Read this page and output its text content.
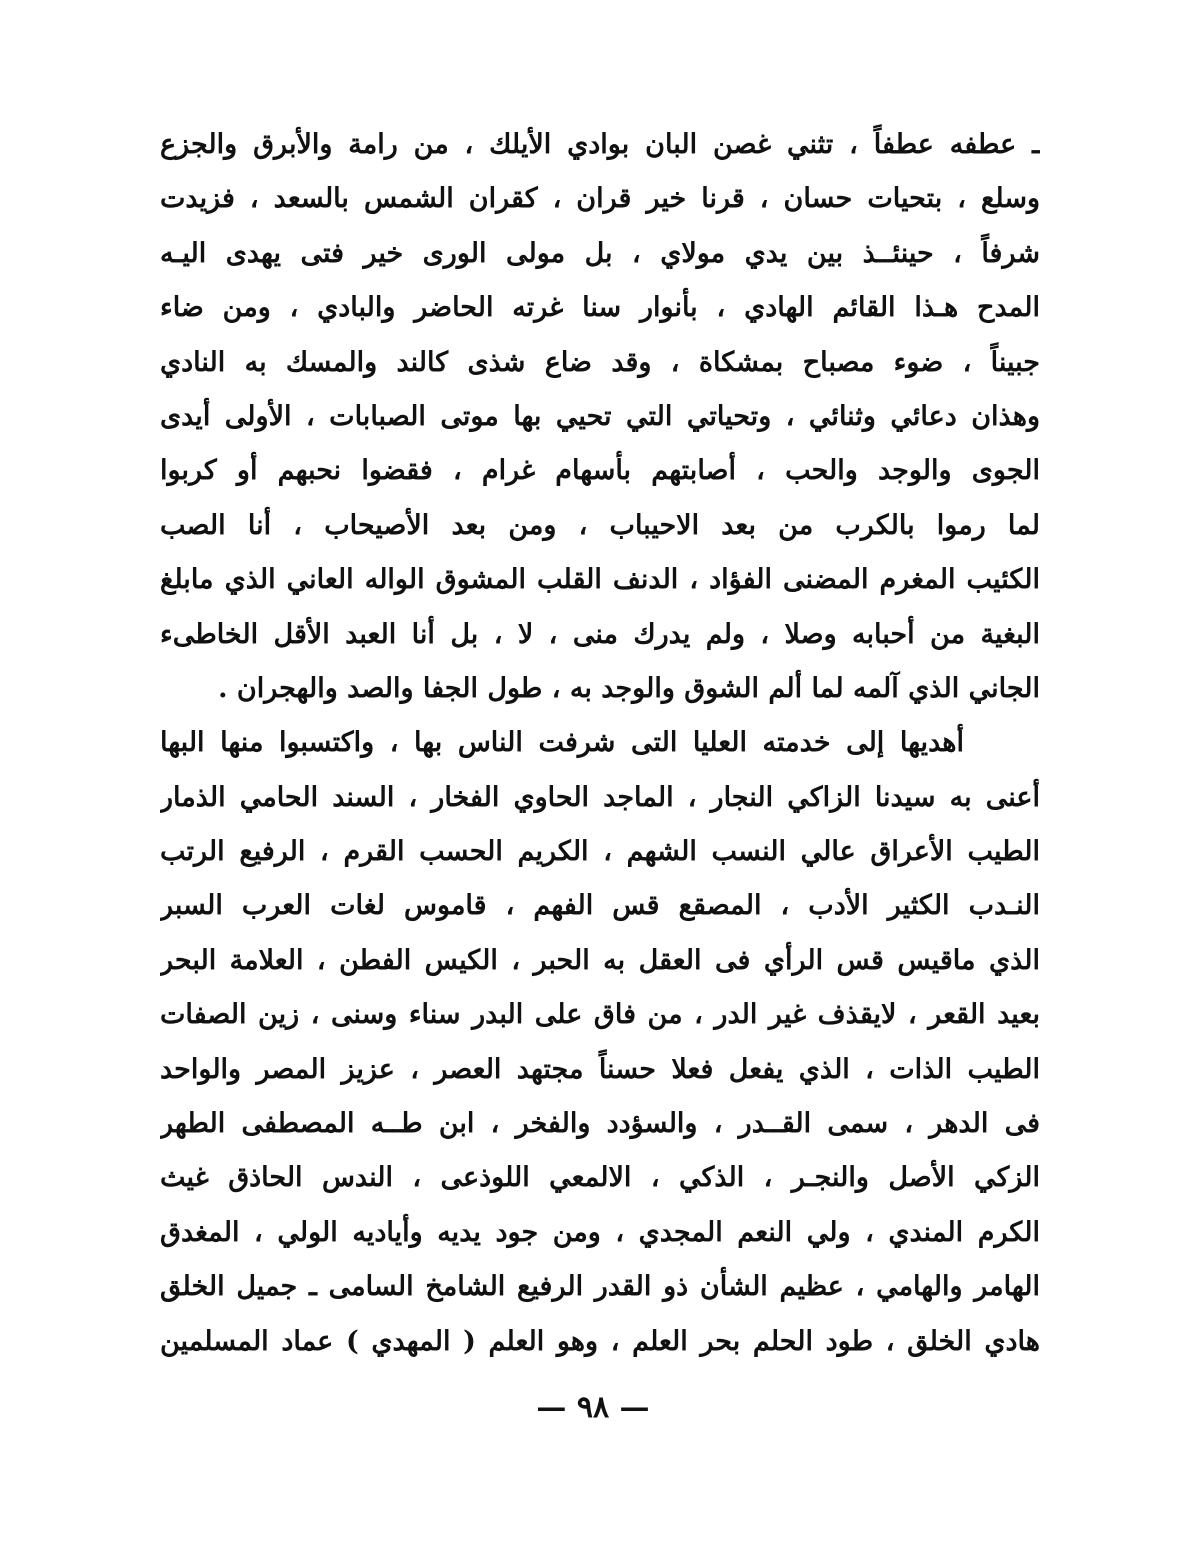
ـ عطفه عطفاً ، تثني غصن البان بوادي الأيلك ، من رامة والأبرق والجزع
وسلع ، بتحيات حسان ، قرنا خير قران ، كقران الشمس بالسعد ، فزيدت
شرفاً ، حينئــذ بين يدي مولاي ، بل مولى الورى خير فتى يهدى اليـه
المدح هـذا القائم الهادي ، بأنوار سنا غرته الحاضر والبادي ، ومن ضاء
جبيناً ، ضوء مصباح بمشكاة ، وقد ضاع شذى كالند والمسك به النادي
وهذان دعائي وثنائي ، وتحياتي التي تحيي بها موتى الصبابات ، الأولى أيدى
الجوى والوجد والحب ، أصابتهم بأسهام غرام ، فقضوا نحبهم أو كربوا
لما رموا بالكرب من بعد الاحيباب ، ومن بعد الأصيحاب ، أنا الصب
الكئيب المغرم المضنى الفؤاد ، الدنف القلب المشوق الواله العاني الذي مابلغ
البغية من أحبابه وصلا ، ولم يدرك منى ، لا ، بل أنا العبد الأقل الخاطىء
الجاني الذي آلمه لما ألم الشوق والوجد به ، طول الجفا والصد والهجران .
أهديها إلى خدمته العليا التى شرفت الناس بها ، واكتسبوا منها البها
أعنى به سيدنا الزاكي النجار ، الماجد الحاوي الفخار ، السند الحامي الذمار
الطيب الأعراق عالي النسب الشهم ، الكريم الحسب القرم ، الرفيع الرتب
النـدب الكثير الأدب ، المصقع قس الفهم ، قاموس لغات العرب السبر
الذي ماقيس قس الرأي فى العقل به الحبر ، الكيس الفطن ، العلامة البحر
بعيد القعر ، لايقذف غير الدر ، من فاق على البدر سناء وسنى ، زين الصفات
الطيب الذات ، الذي يفعل فعلا حسناً مجتهد العصر ، عزيز المصر والواحد
فى الدهر ، سمى القــدر ، والسؤدد والفخر ، ابن طــه المصطفى الطهر
الزكي الأصل والنجـر ، الذكي ، الالمعي اللوذعى ، الندس الحاذق غيث
الكرم المندي ، ولي النعم المجدي ، ومن جود يديه وأياديه الولي ، المغدق
الهامر والهامي ، عظيم الشأن ذو القدر الرفيع الشامخ السامى ـ جميل الخلق
هادي الخلق ، طود الحلم بحر العلم ، وهو العلم ( المهدي ) عماد المسلمين
— ٩٨ —
